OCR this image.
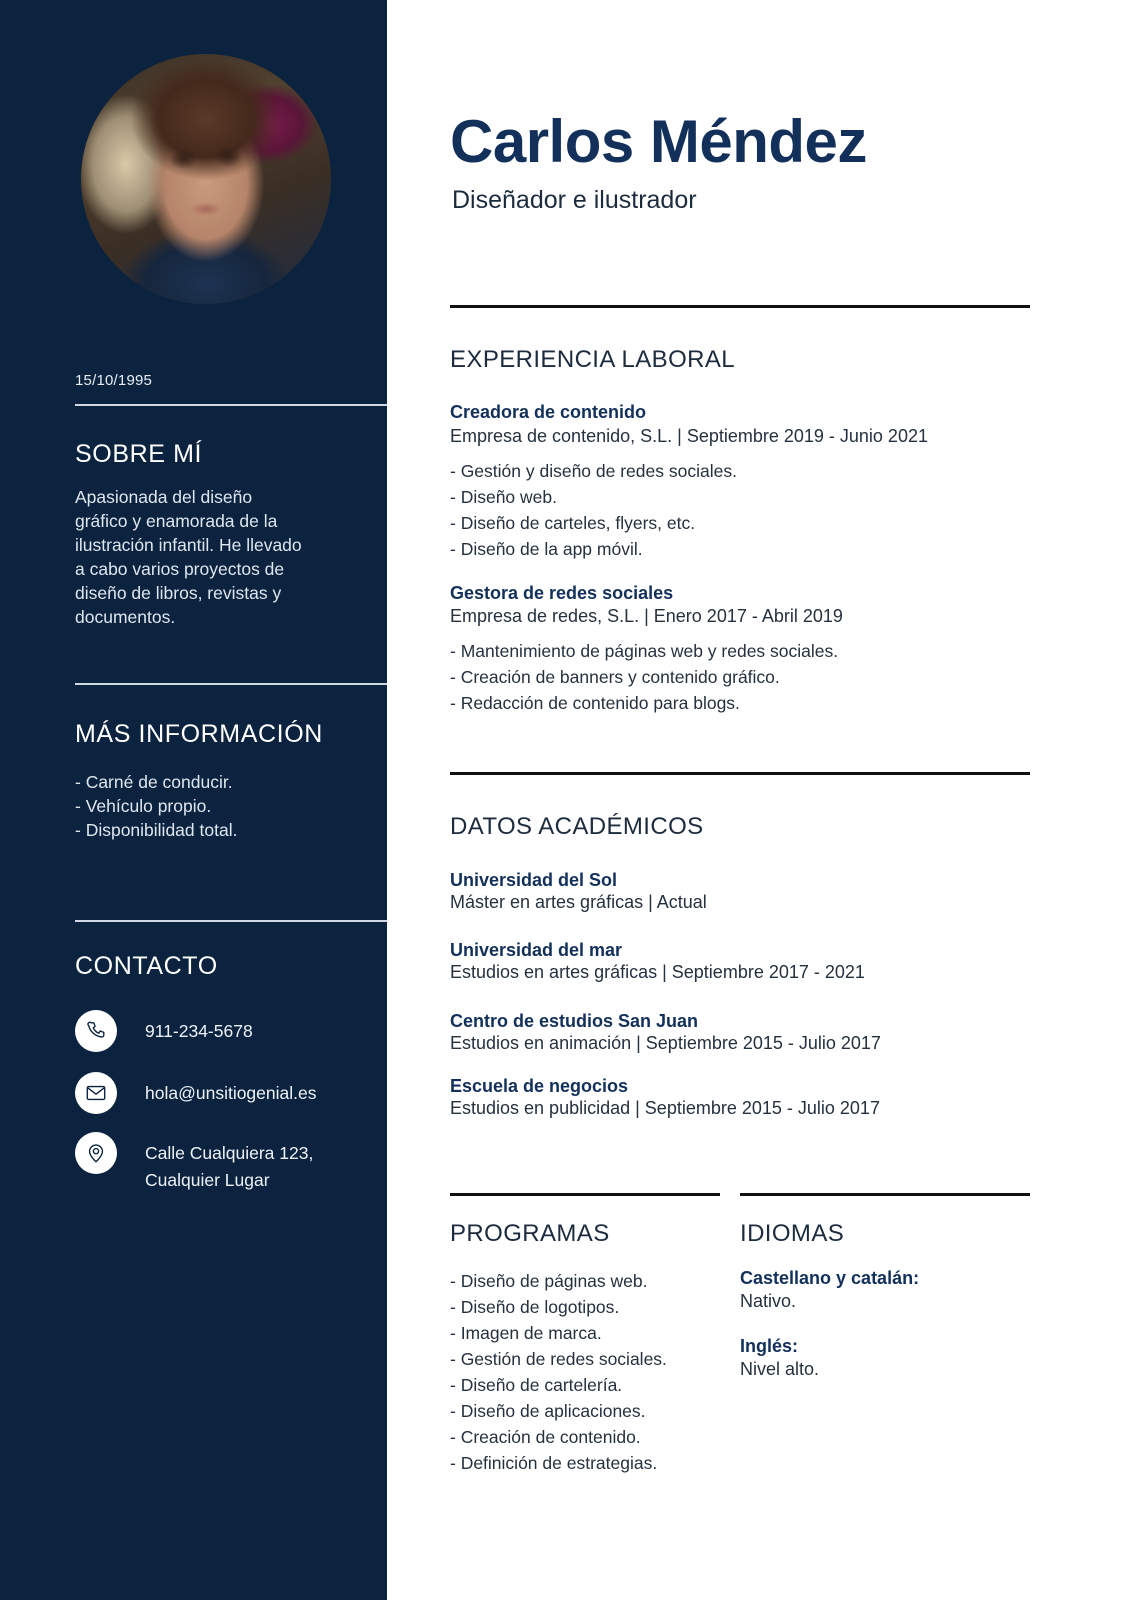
15/10/1995
SOBRE MÍ
Apasionada del diseño
gráfico y enamorada de la
ilustración infantil. He llevado
a cabo varios proyectos de
diseño de libros, revistas y
documentos.
MÁS INFORMACIÓN
- Carné de conducir.
- Vehículo propio.
- Disponibilidad total.
CONTACTO
911-234-5678
hola@unsitiogenial.es
Calle Cualquiera 123,
Cualquier Lugar
Carlos Méndez
Diseñador e ilustrador
EXPERIENCIA LABORAL
Creadora de contenido
Empresa de contenido, S.L. | Septiembre 2019 - Junio 2021
- Gestión y diseño de redes sociales.
- Diseño web.
- Diseño de carteles, flyers, etc.
- Diseño de la app móvil.
Gestora de redes sociales
Empresa de redes, S.L. | Enero 2017 - Abril 2019
- Mantenimiento de páginas web y redes sociales.
- Creación de banners y contenido gráfico.
- Redacción de contenido para blogs.
DATOS ACADÉMICOS
Universidad del Sol
Máster en artes gráficas | Actual
Universidad del mar
Estudios en artes gráficas | Septiembre 2017 - 2021
Centro de estudios San Juan
Estudios en animación | Septiembre 2015 - Julio 2017
Escuela de negocios
Estudios en publicidad | Septiembre 2015 - Julio 2017
PROGRAMAS
- Diseño de páginas web.
- Diseño de logotipos.
- Imagen de marca.
- Gestión de redes sociales.
- Diseño de cartelería.
- Diseño de aplicaciones.
- Creación de contenido.
- Definición de estrategias.
IDIOMAS
Castellano y catalán:
Nativo.
Inglés:
Nivel alto.
